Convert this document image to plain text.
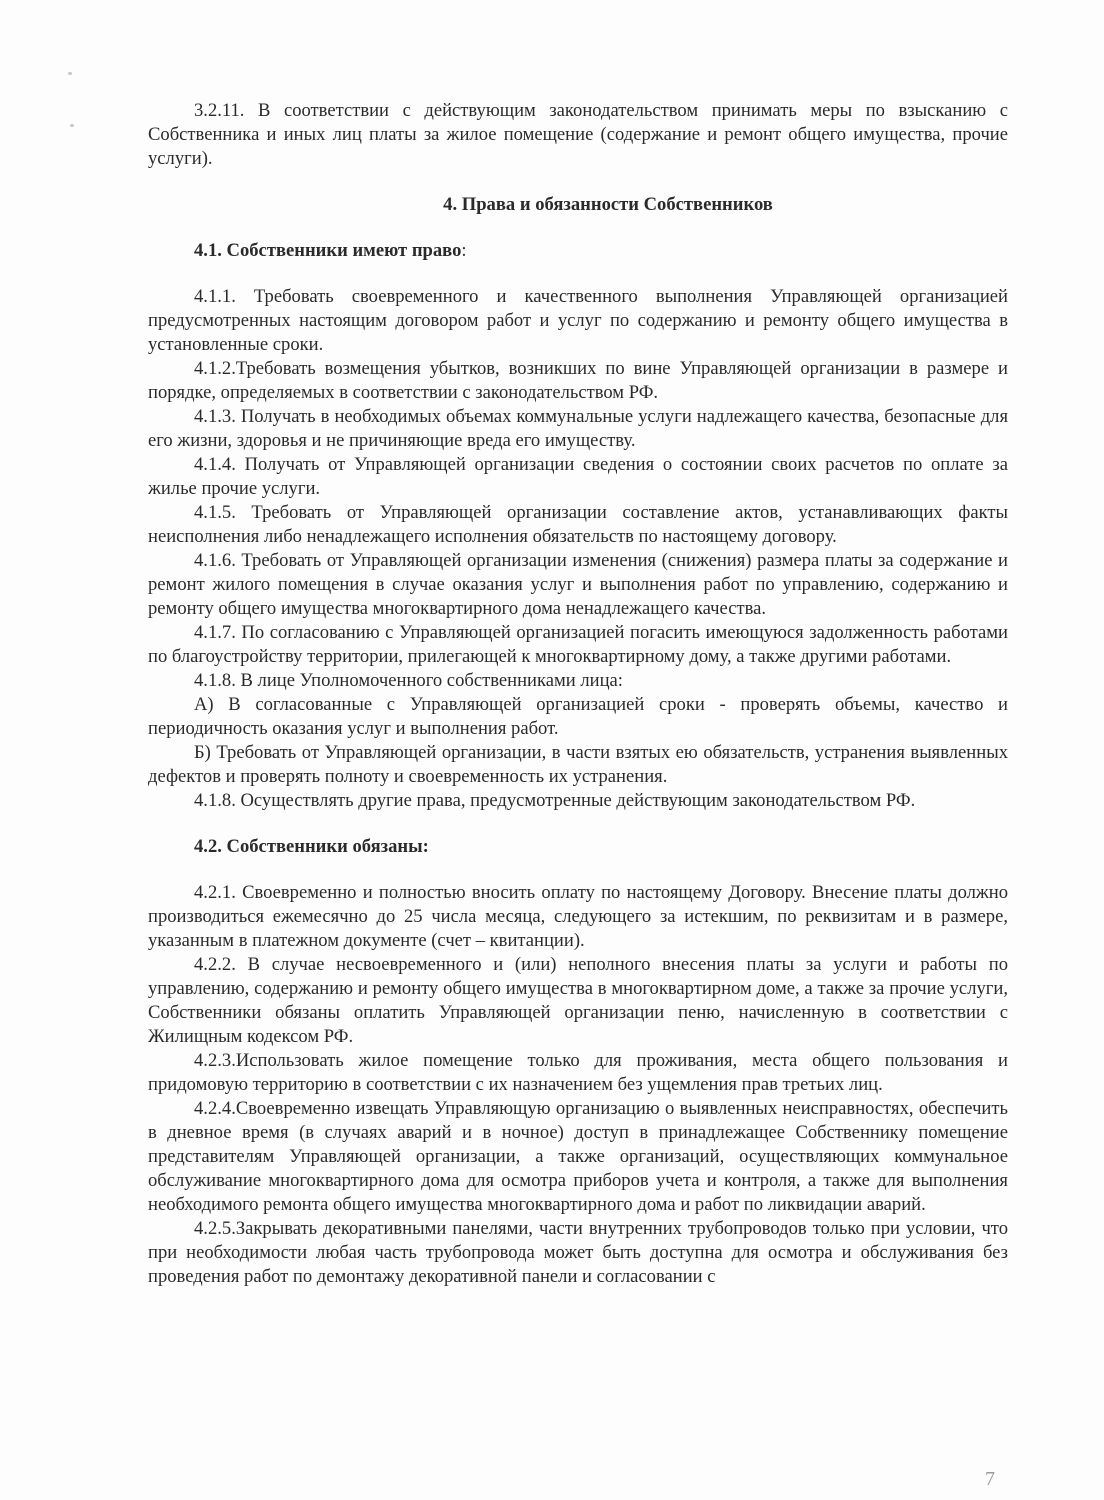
3.2.11. В соответствии с действующим законодательством принимать меры по взысканию с Собственника и иных лиц платы за жилое помещение (содержание и ремонт общего имущества, прочие услуги).

4. Права и обязанности Собственников

4.1. Собственники имеют право:

4.1.1. Требовать своевременного и качественного выполнения Управляющей организацией предусмотренных настоящим договором работ и услуг по содержанию и ремонту общего имущества в установленные сроки.

4.1.2.Требовать возмещения убытков, возникших по вине Управляющей организации в размере и порядке, определяемых в соответствии с законодательством РФ.

4.1.3. Получать в необходимых объемах коммунальные услуги надлежащего качества, безопасные для его жизни, здоровья и не причиняющие вреда его имуществу.

4.1.4. Получать от Управляющей организации сведения о состоянии своих расчетов по оплате за жилье прочие услуги.

4.1.5. Требовать от Управляющей организации составление актов, устанавливающих факты неисполнения либо ненадлежащего исполнения обязательств по настоящему договору.

4.1.6. Требовать от Управляющей организации изменения (снижения) размера платы за содержание и ремонт жилого помещения в случае оказания услуг и выполнения работ по управлению, содержанию и ремонту общего имущества многоквартирного дома ненадлежащего качества.

4.1.7. По согласованию с Управляющей организацией погасить имеющуюся задолженность работами по благоустройству территории, прилегающей к многоквартирному дому, а также другими работами.

4.1.8. В лице Уполномоченного собственниками лица:

А) В согласованные с Управляющей организацией сроки - проверять объемы, качество и периодичность оказания услуг и выполнения работ.

Б) Требовать от Управляющей организации, в части взятых ею обязательств, устранения выявленных дефектов и проверять полноту и своевременность их устранения.

4.1.8. Осуществлять другие права, предусмотренные действующим законодательством РФ.

4.2. Собственники обязаны:

4.2.1. Своевременно и полностью вносить оплату по настоящему Договору. Внесение платы должно производиться ежемесячно до 25 числа месяца, следующего за истекшим, по реквизитам и в размере, указанным в платежном документе (счет – квитанции).

4.2.2. В случае несвоевременного и (или) неполного внесения платы за услуги и работы по управлению, содержанию и ремонту общего имущества в многоквартирном доме, а также за прочие услуги, Собственники обязаны оплатить Управляющей организации пеню, начисленную в соответствии с Жилищным кодексом РФ.

4.2.3.Использовать жилое помещение только для проживания, места общего пользования и придомовую территорию в соответствии с их назначением без ущемления прав третьих лиц.

4.2.4.Своевременно извещать Управляющую организацию о выявленных неисправностях, обеспечить в дневное время (в случаях аварий и в ночное) доступ в принадлежащее Собственнику помещение представителям Управляющей организации, а также организаций, осуществляющих коммунальное обслуживание многоквартирного дома для осмотра приборов учета и контроля, а также для выполнения необходимого ремонта общего имущества многоквартирного дома и работ по ликвидации аварий.

4.2.5.Закрывать декоративными панелями, части внутренних трубопроводов только при условии, что при необходимости любая часть трубопровода может быть доступна для осмотра и обслуживания без проведения работ по демонтажу декоративной панели и согласовании с

7
